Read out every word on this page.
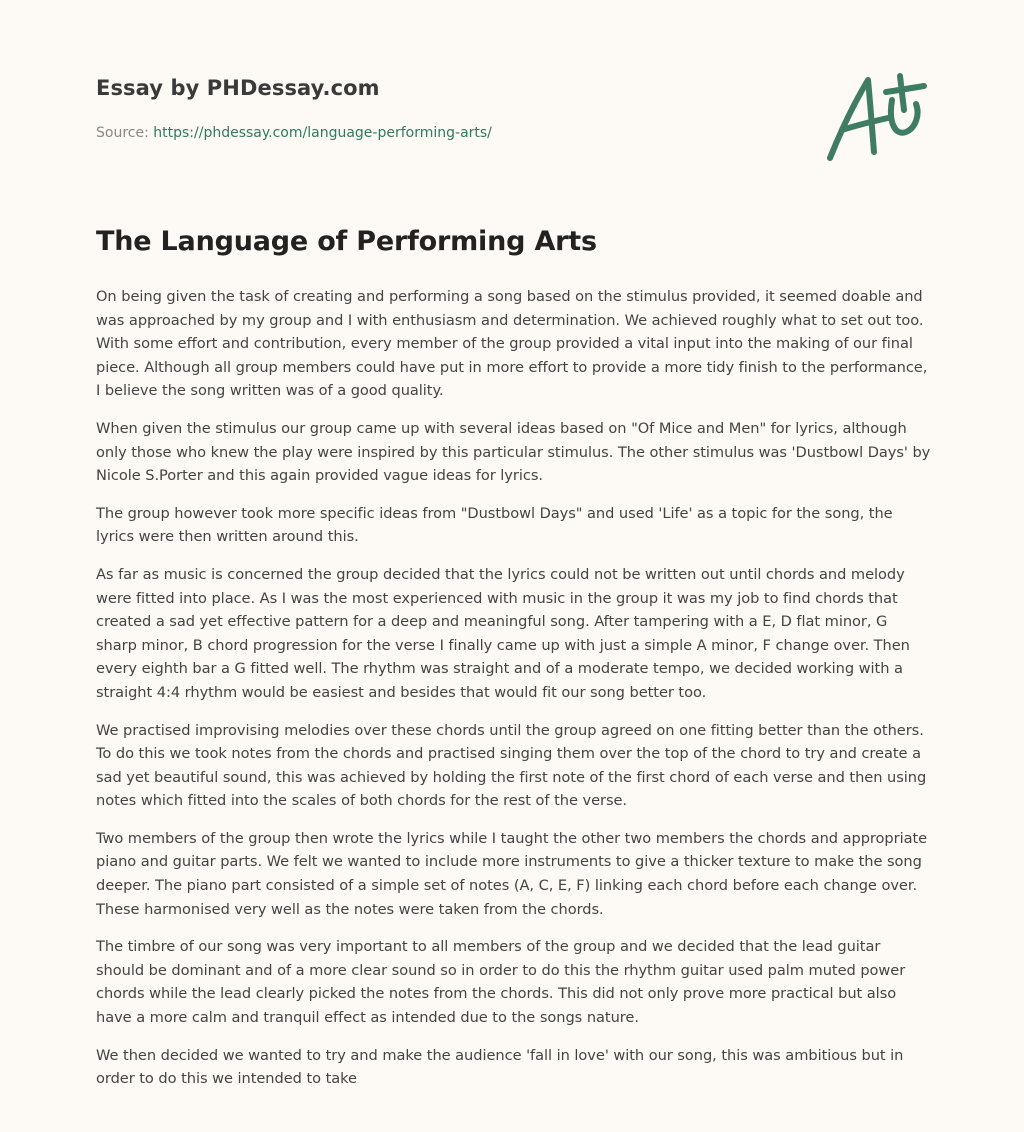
Essay by PHDessay.com
Source: https://phdessay.com/language-performing-arts/
The Language of Performing Arts

On being given the task of creating and performing a song based on the stimulus provided, it seemed doable and was approached by my group and I with enthusiasm and determination. We achieved roughly what to set out too. With some effort and contribution, every member of the group provided a vital input into the making of our final piece. Although all group members could have put in more effort to provide a more tidy finish to the performance, I believe the song written was of a good quality.

When given the stimulus our group came up with several ideas based on "Of Mice and Men" for lyrics, although only those who knew the play were inspired by this particular stimulus. The other stimulus was 'Dustbowl Days' by Nicole S.Porter and this again provided vague ideas for lyrics.

The group however took more specific ideas from "Dustbowl Days" and used 'Life' as a topic for the song, the lyrics were then written around this.

As far as music is concerned the group decided that the lyrics could not be written out until chords and melody were fitted into place. As I was the most experienced with music in the group it was my job to find chords that created a sad yet effective pattern for a deep and meaningful song. After tampering with a E, D flat minor, G sharp minor, B chord progression for the verse I finally came up with just a simple A minor, F change over. Then every eighth bar a G fitted well. The rhythm was straight and of a moderate tempo, we decided working with a straight 4:4 rhythm would be easiest and besides that would fit our song better too.

We practised improvising melodies over these chords until the group agreed on one fitting better than the others. To do this we took notes from the chords and practised singing them over the top of the chord to try and create a sad yet beautiful sound, this was achieved by holding the first note of the first chord of each verse and then using notes which fitted into the scales of both chords for the rest of the verse.

Two members of the group then wrote the lyrics while I taught the other two members the chords and appropriate piano and guitar parts. We felt we wanted to include more instruments to give a thicker texture to make the song deeper. The piano part consisted of a simple set of notes (A, C, E, F) linking each chord before each change over. These harmonised very well as the notes were taken from the chords.

The timbre of our song was very important to all members of the group and we decided that the lead guitar should be dominant and of a more clear sound so in order to do this the rhythm guitar used palm muted power chords while the lead clearly picked the notes from the chords. This did not only prove more practical but also have a more calm and tranquil effect as intended due to the songs nature.

We then decided we wanted to try and make the audience 'fall in love' with our song, this was ambitious but in order to do this we intended to take
